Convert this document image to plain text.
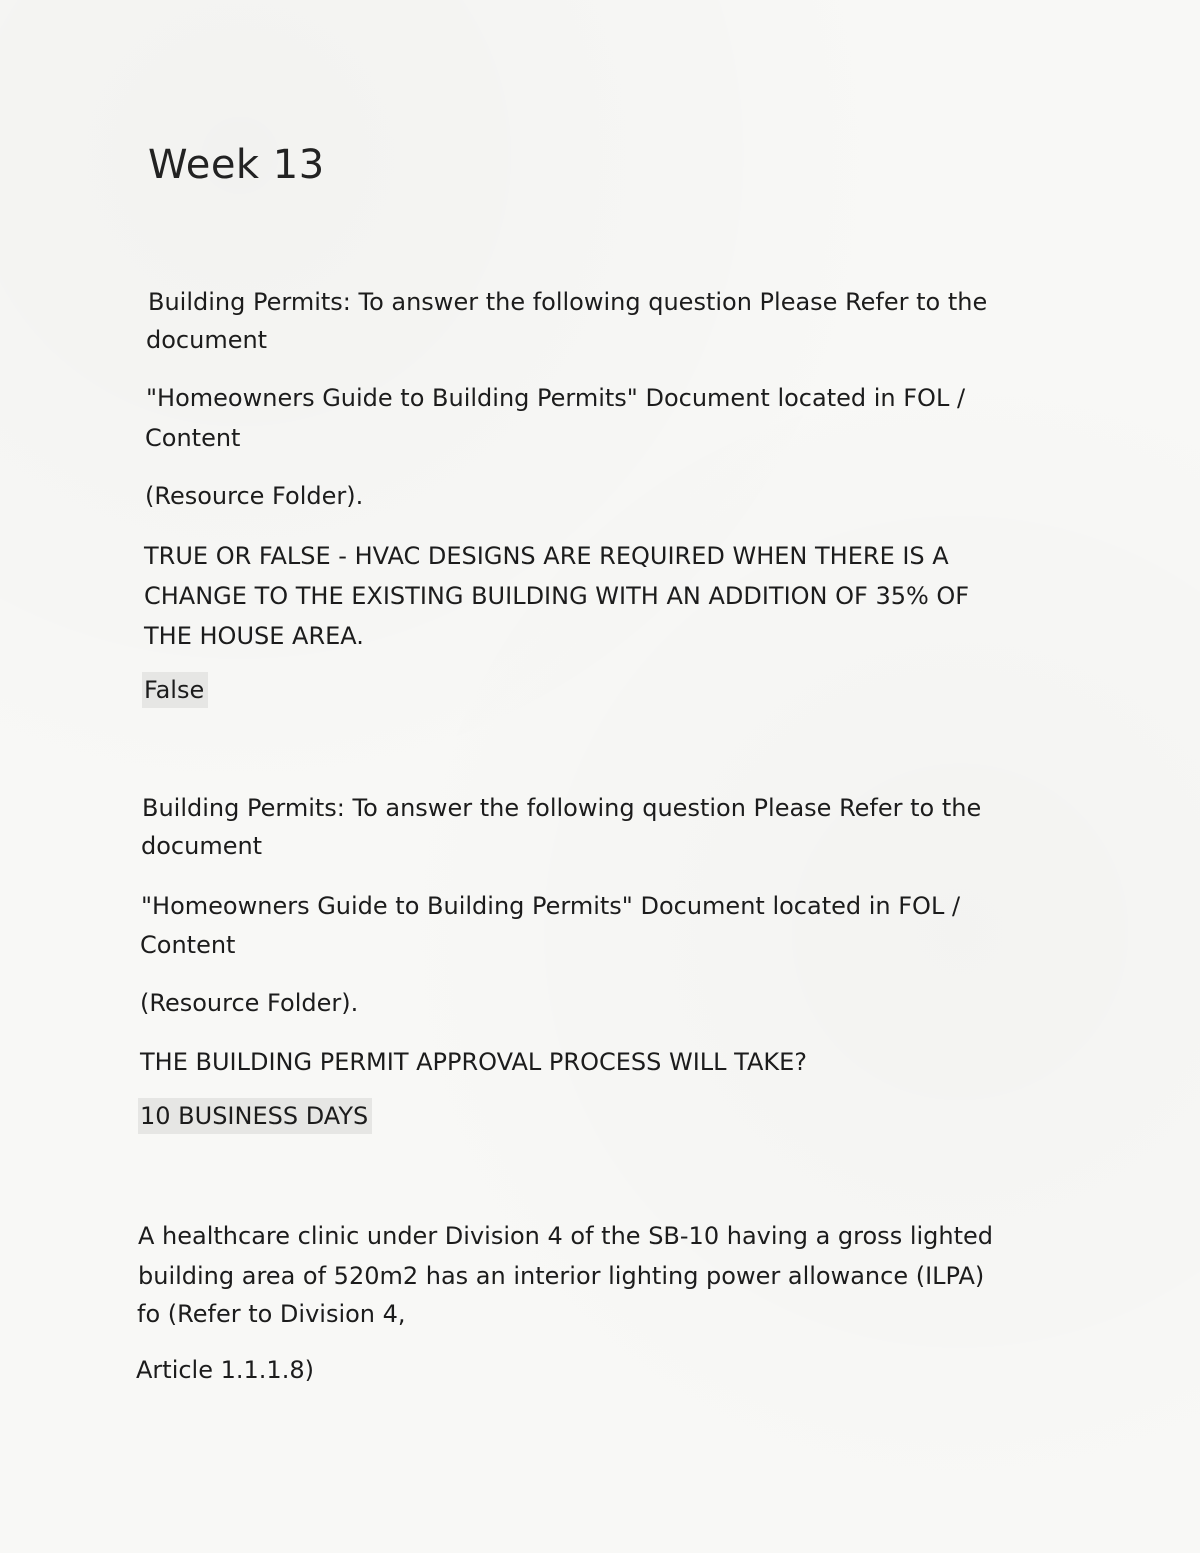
Week 13

Building Permits: To answer the following question Please Refer to the

document

"Homeowners Guide to Building Permits" Document located in FOL /

Content

(Resource Folder).

TRUE OR FALSE - HVAC DESIGNS ARE REQUIRED WHEN THERE IS A

CHANGE TO THE EXISTING BUILDING WITH AN ADDITION OF 35% OF

THE HOUSE AREA.

False

Building Permits: To answer the following question Please Refer to the

document

"Homeowners Guide to Building Permits" Document located in FOL /

Content

(Resource Folder).

THE BUILDING PERMIT APPROVAL PROCESS WILL TAKE?

10 BUSINESS DAYS

A healthcare clinic under Division 4 of the SB-10 having a gross lighted

building area of 520m2 has an interior lighting power allowance (ILPA)

fo (Refer to Division 4,

Article 1.1.1.8)
